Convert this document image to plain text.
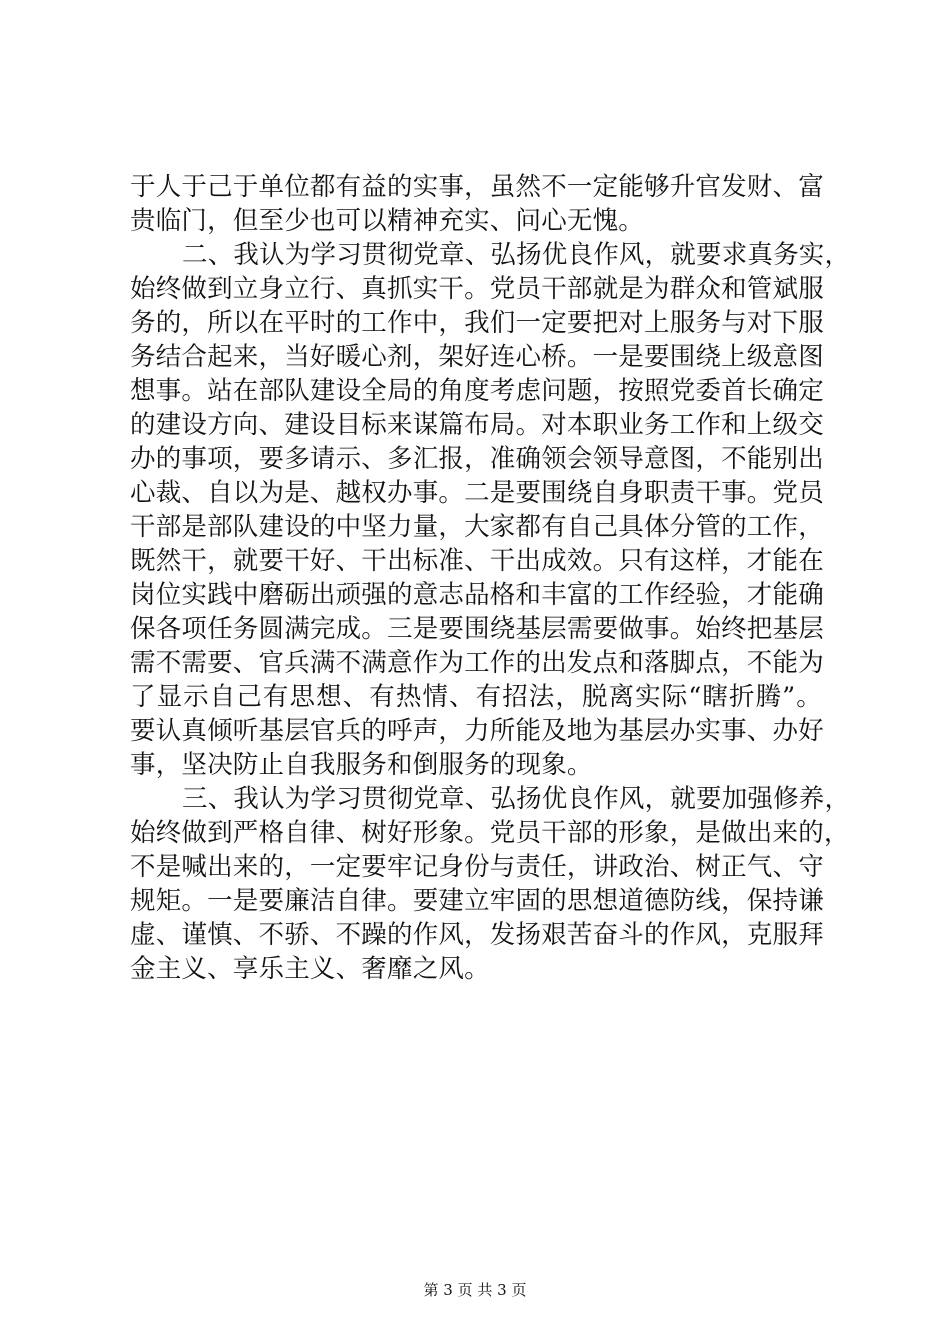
于人于己于单位都有益的实事，虽然不一定能够升官发财、富
贵临门，但至少也可以精神充实、问心无愧。
二、我认为学习贯彻党章、弘扬优良作风，就要求真务实，
始终做到立身立行、真抓实干。党员干部就是为群众和管斌服
务的，所以在平时的工作中，我们一定要把对上服务与对下服
务结合起来，当好暖心剂，架好连心桥。一是要围绕上级意图
想事。站在部队建设全局的角度考虑问题，按照党委首长确定
的建设方向、建设目标来谋篇布局。对本职业务工作和上级交
办的事项，要多请示、多汇报，准确领会领导意图，不能别出
心裁、自以为是、越权办事。二是要围绕自身职责干事。党员
干部是部队建设的中坚力量，大家都有自己具体分管的工作，
既然干，就要干好、干出标准、干出成效。只有这样，才能在
岗位实践中磨砺出顽强的意志品格和丰富的工作经验，才能确
保各项任务圆满完成。三是要围绕基层需要做事。始终把基层
需不需要、官兵满不满意作为工作的出发点和落脚点，不能为
了显示自己有思想、有热情、有招法，脱离实际“瞎折腾”。
要认真倾听基层官兵的呼声，力所能及地为基层办实事、办好
事，坚决防止自我服务和倒服务的现象。
三、我认为学习贯彻党章、弘扬优良作风，就要加强修养，
始终做到严格自律、树好形象。党员干部的形象，是做出来的，
不是喊出来的，一定要牢记身份与责任，讲政治、树正气、守
规矩。一是要廉洁自律。要建立牢固的思想道德防线，保持谦
虚、谨慎、不骄、不躁的作风，发扬艰苦奋斗的作风，克服拜
金主义、享乐主义、奢靡之风。
第 3 页 共 3 页
